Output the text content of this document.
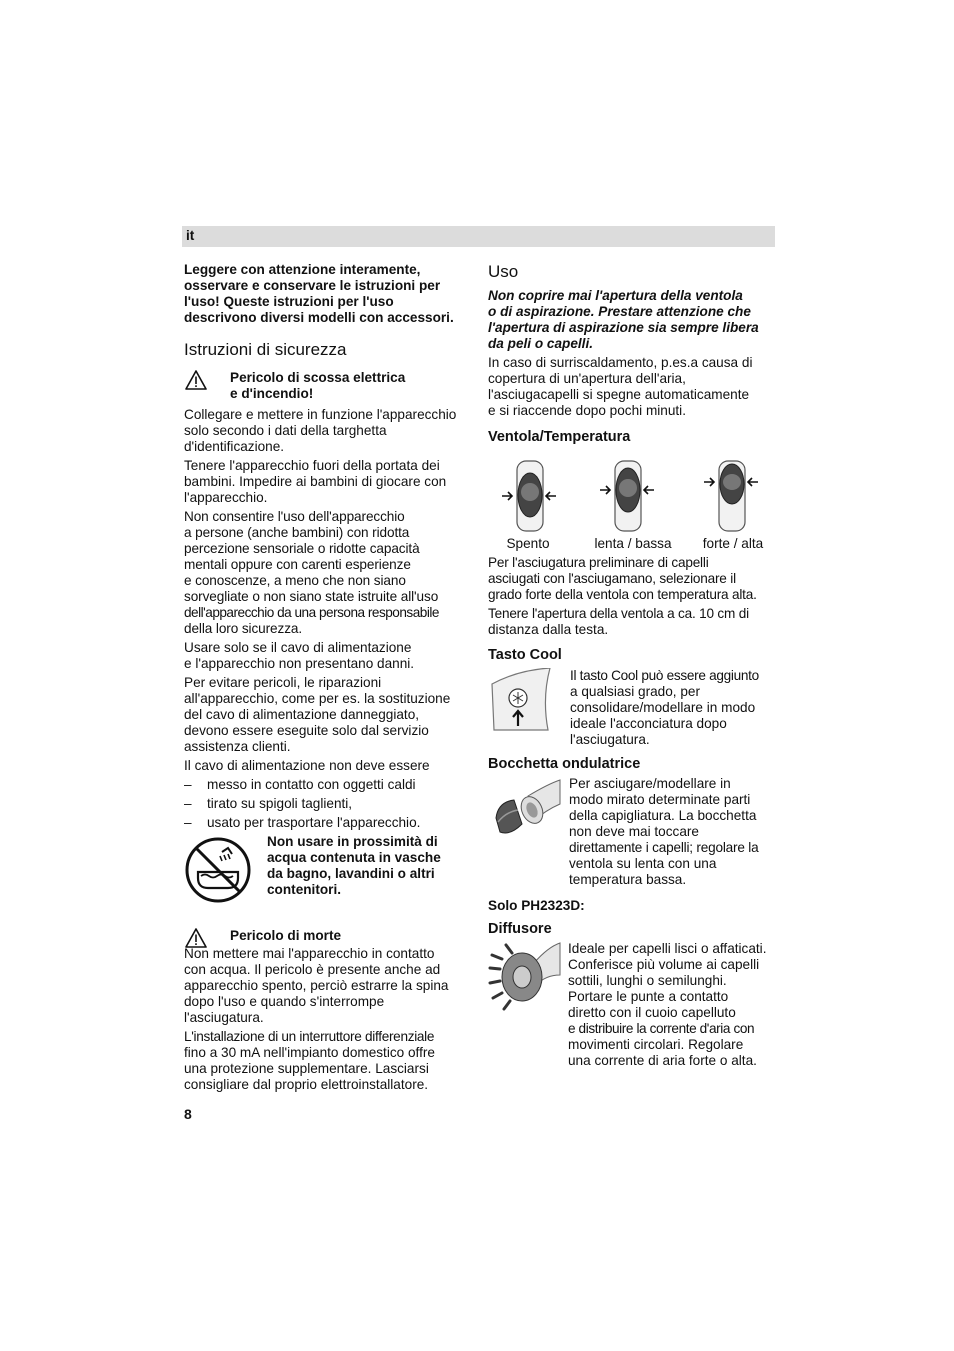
it

Leggere con attenzione interamente,
osservare e conservare le istruzioni per
l'uso! Queste istruzioni per l'uso
descrivono diversi modelli con accessori.

Istruzioni di sicurezza

Pericolo di scossa elettrica
e d'incendio!

Collegare e mettere in funzione l'apparecchio
solo secondo i dati della targhetta
d'identificazione.

Tenere l'apparecchio fuori della portata dei
bambini. Impedire ai bambini di giocare con
l'apparecchio.

Non consentire l'uso dell'apparecchio
a persone (anche bambini) con ridotta
percezione sensoriale o ridotte capacità
mentali oppure con carenti esperienze
e conoscenze, a meno che non siano
sorvegliate o non siano state istruite all'uso
dell'apparecchio da una persona responsabile
della loro sicurezza.

Usare solo se il cavo di alimentazione
e l'apparecchio non presentano danni.

Per evitare pericoli, le riparazioni
all'apparecchio, come per es. la sostituzione
del cavo di alimentazione danneggiato,
devono essere eseguite solo dal servizio
assistenza clienti.

Il cavo di alimentazione non deve essere

– messo in contatto con oggetti caldi
– tirato su spigoli taglienti,
– usato per trasportare l'apparecchio.

Non usare in prossimità di
acqua contenuta in vasche
da bagno, lavandini o altri
contenitori.

Pericolo di morte

Non mettere mai l'apparecchio in contatto
con acqua. Il pericolo è presente anche ad
apparecchio spento, perciò estrarre la spina
dopo l'uso e quando s'interrompe
l'asciugatura.

L'installazione di un interruttore differenziale
fino a 30 mA nell'impianto domestico offre
una protezione supplementare. Lasciarsi
consigliare dal proprio elettroinstallatore.

Uso

Non coprire mai l'apertura della ventola
o di aspirazione. Prestare attenzione che
l'apertura di aspirazione sia sempre libera
da peli o capelli.

In caso di surriscaldamento, p.es.a causa di
copertura di un'apertura dell'aria,
l'asciugacapelli si spegne automaticamente
e si riaccende dopo pochi minuti.

Ventola/Temperatura
Spento	lenta / bassa	forte / alta

Per l'asciugatura preliminare di capelli
asciugati con l'asciugamano, selezionare il
grado forte della ventola con temperatura alta.

Tenere l'apertura della ventola a ca. 10 cm di
distanza dalla testa.

Tasto Cool

Il tasto Cool può essere aggiunto
a qualsiasi grado, per
consolidare/modellare in modo
ideale l'acconciatura dopo
l'asciugatura.

Bocchetta ondulatrice

Per asciugare/modellare in
modo mirato determinate parti
della capigliatura. La bocchetta
non deve mai toccare
direttamente i capelli; regolare la
ventola su lenta con una
temperatura bassa.

Solo PH2323D:

Diffusore

Ideale per capelli lisci o affaticati.
Conferisce più volume ai capelli
sottili, lunghi o semilunghi.
Portare le punte a contatto
diretto con il cuoio capelluto
e distribuire la corrente d'aria con
movimenti circolari. Regolare
una corrente di aria forte o alta.

8
